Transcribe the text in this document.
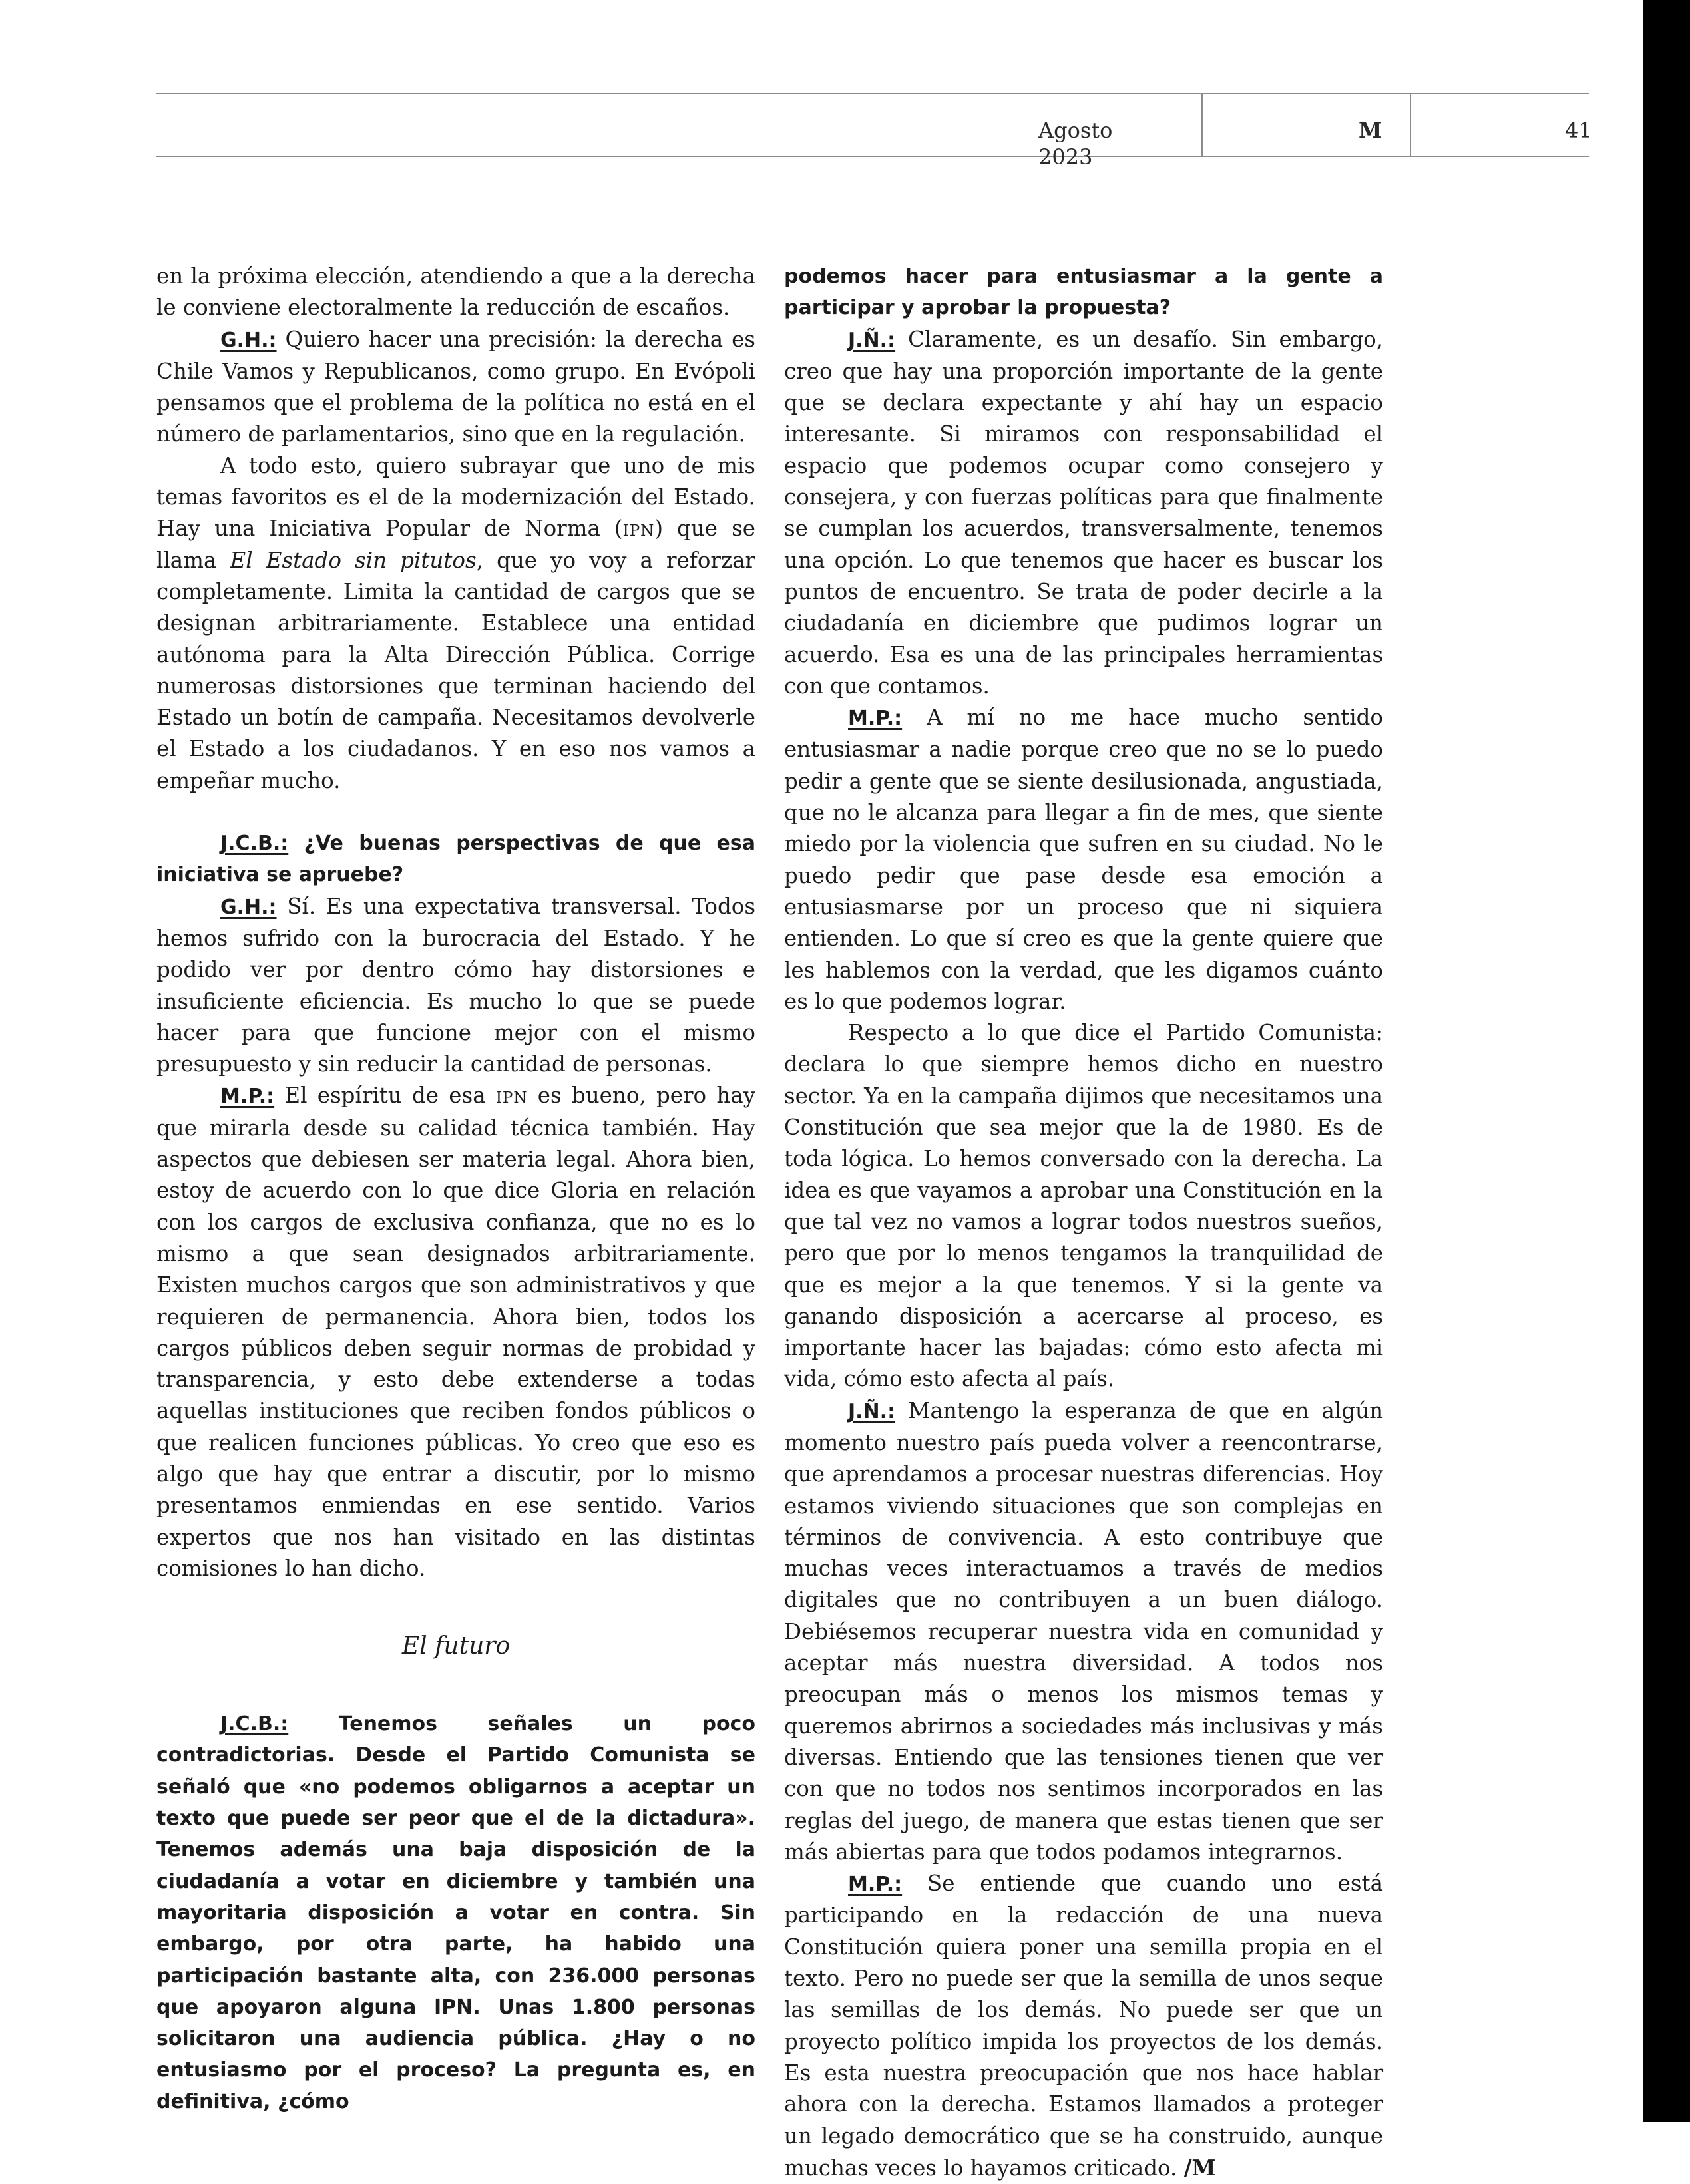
Agosto 2023
M	41

en la próxima elección, atendiendo a que a la derecha le conviene electoralmente la reducción de escaños.

G.H.: Quiero hacer una precisión: la derecha es Chile Vamos y Republicanos, como grupo. En Evópoli pensamos que el problema de la política no está en el número de parlamentarios, sino que en la regulación.

A todo esto, quiero subrayar que uno de mis temas favoritos es el de la modernización del Estado. Hay una Iniciativa Popular de Norma (ipn) que se llama El Estado sin pitutos, que yo voy a reforzar completamente. Limita la cantidad de cargos que se designan arbitrariamente. Establece una entidad autónoma para la Alta Dirección Pública. Corrige numerosas distorsiones que terminan haciendo del Estado un botín de campaña. Necesitamos devolverle el Estado a los ciudadanos. Y en eso nos vamos a empeñar mucho.

J.C.B.: ¿Ve buenas perspectivas de que esa iniciativa se apruebe?

G.H.: Sí. Es una expectativa transversal. Todos hemos sufrido con la burocracia del Estado. Y he podido ver por dentro cómo hay distorsiones e insuficiente eficiencia. Es mucho lo que se puede hacer para que funcione mejor con el mismo presupuesto y sin reducir la cantidad de personas.

M.P.: El espíritu de esa ipn es bueno, pero hay que mirarla desde su calidad técnica también. Hay aspectos que debiesen ser materia legal. Ahora bien, estoy de acuerdo con lo que dice Gloria en relación con los cargos de exclusiva confianza, que no es lo mismo a que sean designados arbitrariamente. Existen muchos cargos que son administrativos y que requieren de permanencia. Ahora bien, todos los cargos públicos deben seguir normas de probidad y transparencia, y esto debe extenderse a todas aquellas instituciones que reciben fondos públicos o que realicen funciones públicas. Yo creo que eso es algo que hay que entrar a discutir, por lo mismo presentamos enmiendas en ese sentido. Varios expertos que nos han visitado en las distintas comisiones lo han dicho.

El futuro

J.C.B.: Tenemos señales un poco contradictorias. Desde el Partido Comunista se señaló que «no podemos obligarnos a aceptar un texto que puede ser peor que el de la dictadura». Tenemos además una baja disposición de la ciudadanía a votar en diciembre y también una mayoritaria disposición a votar en contra. Sin embargo, por otra parte, ha habido una participación bastante alta, con 236.000 personas que apoyaron alguna IPN. Unas 1.800 personas solicitaron una audiencia pública. ¿Hay o no entusiasmo por el proceso? La pregunta es, en definitiva, ¿cómo

podemos hacer para entusiasmar a la gente a participar y aprobar la propuesta?

J.Ñ.: Claramente, es un desafío. Sin embargo, creo que hay una proporción importante de la gente que se declara expectante y ahí hay un espacio interesante. Si miramos con responsabilidad el espacio que podemos ocupar como consejero y consejera, y con fuerzas políticas para que finalmente se cumplan los acuerdos, transversalmente, tenemos una opción. Lo que tenemos que hacer es buscar los puntos de encuentro. Se trata de poder decirle a la ciudadanía en diciembre que pudimos lograr un acuerdo. Esa es una de las principales herramientas con que contamos.

M.P.: A mí no me hace mucho sentido entusiasmar a nadie porque creo que no se lo puedo pedir a gente que se siente desilusionada, angustiada, que no le alcanza para llegar a fin de mes, que siente miedo por la violencia que sufren en su ciudad. No le puedo pedir que pase desde esa emoción a entusiasmarse por un proceso que ni siquiera entienden. Lo que sí creo es que la gente quiere que les hablemos con la verdad, que les digamos cuánto es lo que podemos lograr.

Respecto a lo que dice el Partido Comunista: declara lo que siempre hemos dicho en nuestro sector. Ya en la campaña dijimos que necesitamos una Constitución que sea mejor que la de 1980. Es de toda lógica. Lo hemos conversado con la derecha. La idea es que vayamos a aprobar una Constitución en la que tal vez no vamos a lograr todos nuestros sueños, pero que por lo menos tengamos la tranquilidad de que es mejor a la que tenemos. Y si la gente va ganando disposición a acercarse al proceso, es importante hacer las bajadas: cómo esto afecta mi vida, cómo esto afecta al país.

J.Ñ.: Mantengo la esperanza de que en algún momento nuestro país pueda volver a reencontrarse, que aprendamos a procesar nuestras diferencias. Hoy estamos viviendo situaciones que son complejas en términos de convivencia. A esto contribuye que muchas veces interactuamos a través de medios digitales que no contribuyen a un buen diálogo. Debiésemos recuperar nuestra vida en comunidad y aceptar más nuestra diversidad. A todos nos preocupan más o menos los mismos temas y queremos abrirnos a sociedades más inclusivas y más diversas. Entiendo que las tensiones tienen que ver con que no todos nos sentimos incorporados en las reglas del juego, de manera que estas tienen que ser más abiertas para que todos podamos integrarnos.

M.P.: Se entiende que cuando uno está participando en la redacción de una nueva Constitución quiera poner una semilla propia en el texto. Pero no puede ser que la semilla de unos seque las semillas de los demás. No puede ser que un proyecto político impida los proyectos de los demás. Es esta nuestra preocupación que nos hace hablar ahora con la derecha. Estamos llamados a proteger un legado democrático que se ha construido, aunque muchas veces lo hayamos criticado. /M
